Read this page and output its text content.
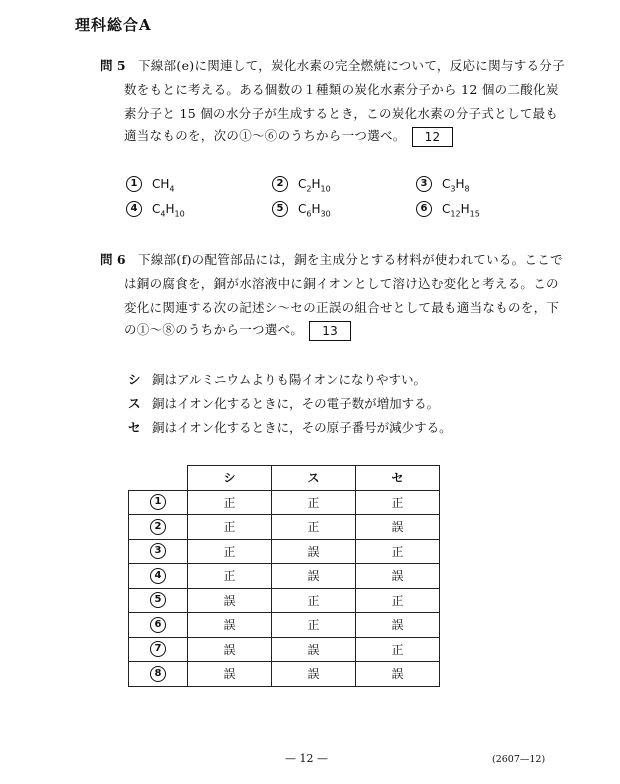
理科総合A
問 5 下線部(e)に関連して，炭化水素の完全燃焼について，反応に関与する分子
数をもとに考える。ある個数の１種類の炭化水素分子から 12 個の二酸化炭
素分子と 15 個の水分子が生成するとき，この炭化水素の分子式として最も
適当なものを，次の①～⑥のうちから一つ選べ。 12
1 $CH_4$	2 $C_2H_{10}$	3 $C_3H_8$
4 $C_4H_{10}$	5 $C_6H_{30}$	6 $C_{12}H_{15}$
問 6 下線部(f)の配管部品には，銅を主成分とする材料が使われている。ここで
は銅の腐食を，銅が水溶液中に銅イオンとして溶け込む変化と考える。この
変化に関連する次の記述シ～セの正誤の組合せとして最も適当なものを，下
の①～⑧のうちから一つ選べ。 13
シ 銅はアルミニウムよりも陽イオンになりやすい。
ス 銅はイオン化するときに，その電子数が増加する。
セ 銅はイオン化するときに，その原子番号が減少する。
	シ	ス	セ
1	正	正	正
2	正	正	誤
3	正	誤	正
4	正	誤	誤
5	誤	正	正
6	誤	正	誤
7	誤	誤	正
8	誤	誤	誤
— 12 —	(2607—12)
